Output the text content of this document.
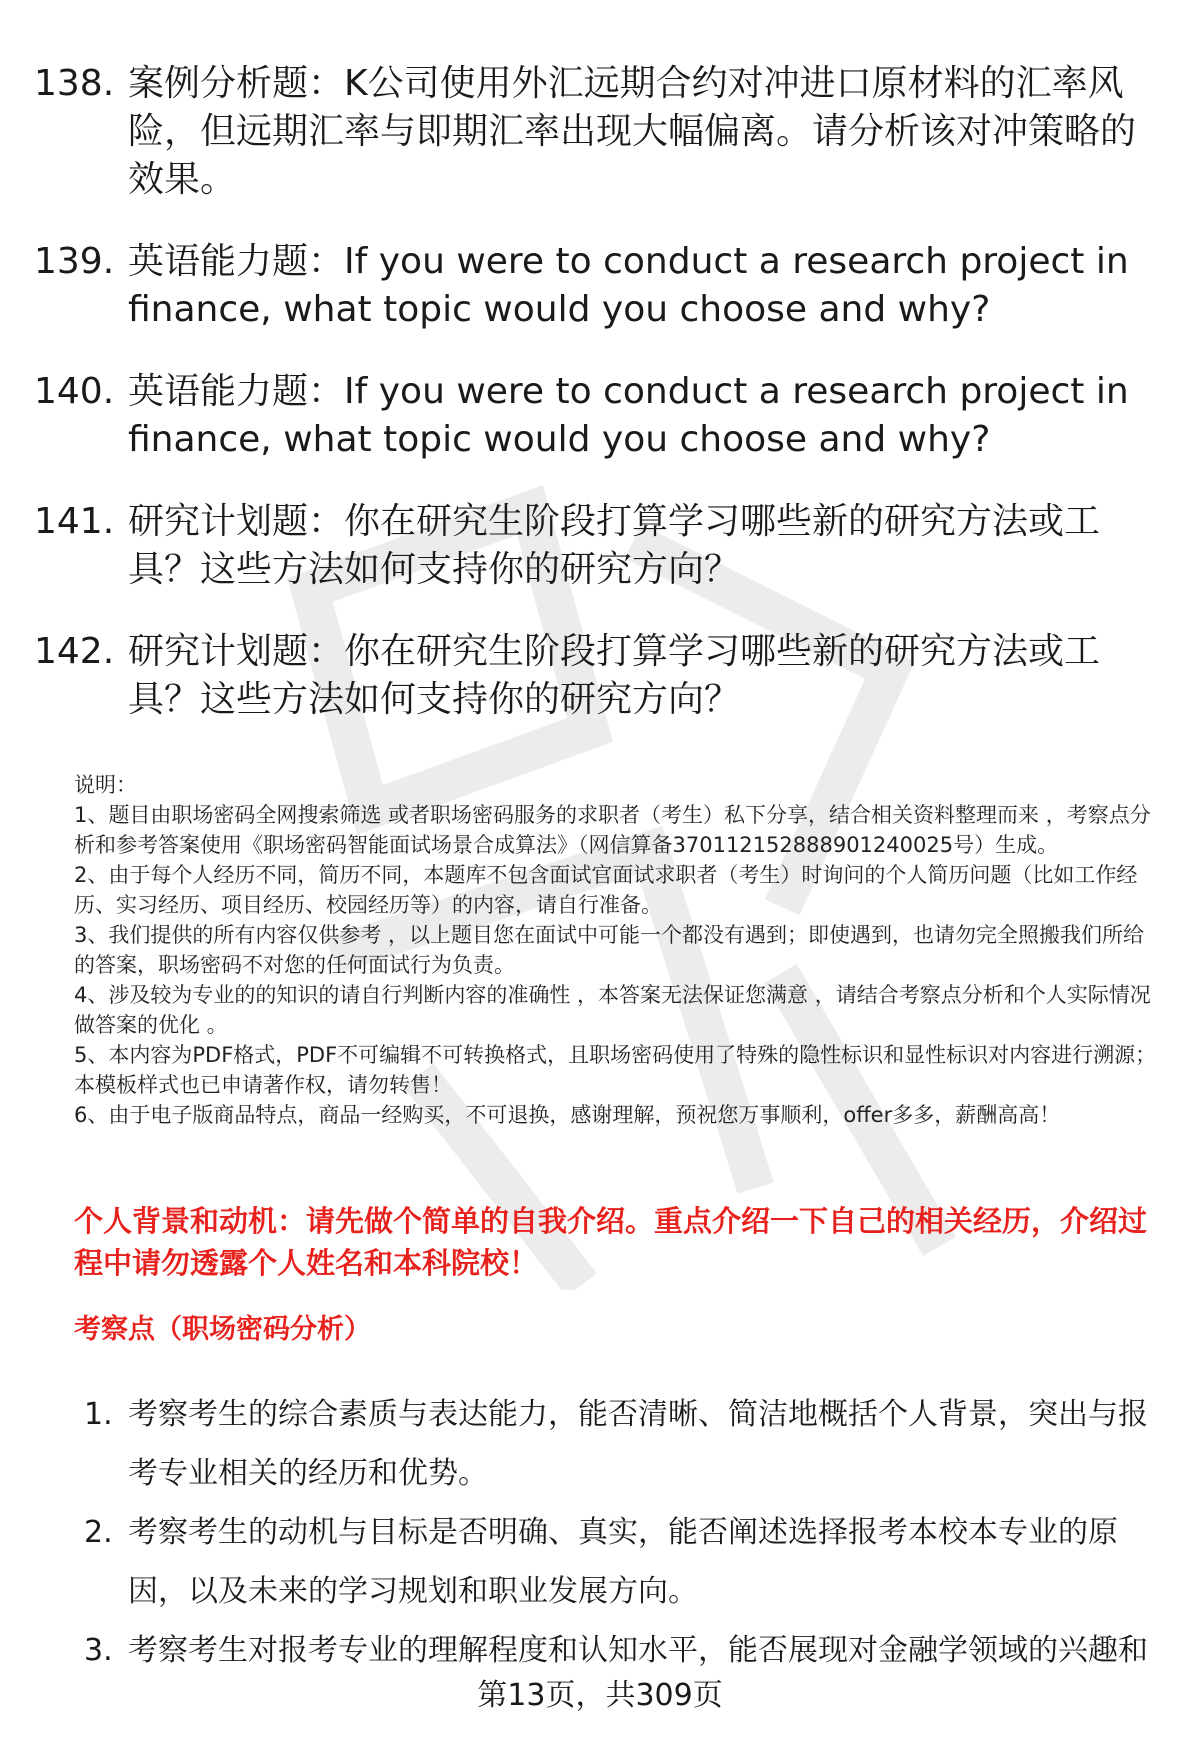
138. 案例分析题：K公司使用外汇远期合约对冲进口原材料的汇率风险，但远期汇率与即期汇率出现大幅偏离。请分析该对冲策略的效果。
139. 英语能力题：If you were to conduct a research project in finance, what topic would you choose and why?
140. 英语能力题：If you were to conduct a research project in finance, what topic would you choose and why?
141. 研究计划题：你在研究生阶段打算学习哪些新的研究方法或工具？这些方法如何支持你的研究方向？
142. 研究计划题：你在研究生阶段打算学习哪些新的研究方法或工具？这些方法如何支持你的研究方向？

说明：

1、题目由职场密码全网搜索筛选 或者职场密码服务的求职者（考生）私下分享，结合相关资料整理而来 ，考察点分析和参考答案使用《职场密码智能面试场景合成算法》（网信算备370112152888901240025号）生成。

2、由于每个人经历不同，简历不同，本题库不包含面试官面试求职者（考生）时询问的个人简历问题（比如工作经历、实习经历、项目经历、校园经历等）的内容，请自行准备。

3、我们提供的所有内容仅供参考 ，以上题目您在面试中可能一个都没有遇到；即使遇到，也请勿完全照搬我们所给的答案，职场密码不对您的任何面试行为负责。

4、涉及较为专业的的知识的请自行判断内容的准确性 ，本答案无法保证您满意 ，请结合考察点分析和个人实际情况做答案的优化 。

5、本内容为PDF格式，PDF不可编辑不可转换格式，且职场密码使用了特殊的隐性标识和显性标识对内容进行溯源；本模板样式也已申请著作权，请勿转售！

6、由于电子版商品特点，商品一经购买，不可退换，感谢理解，预祝您万事顺利，offer多多，薪酬高高！

个人背景和动机：请先做个简单的自我介绍。重点介绍一下自己的相关经历，介绍过程中请勿透露个人姓名和本科院校！
考察点（职场密码分析）
1. 考察考生的综合素质与表达能力，能否清晰、简洁地概括个人背景，突出与报考专业相关的经历和优势。
2. 考察考生的动机与目标是否明确、真实，能否阐述选择报考本校本专业的原因，以及未来的学习规划和职业发展方向。
3. 考察考生对报考专业的理解程度和认知水平，能否展现对金融学领域的兴趣和
第13页，共309页
